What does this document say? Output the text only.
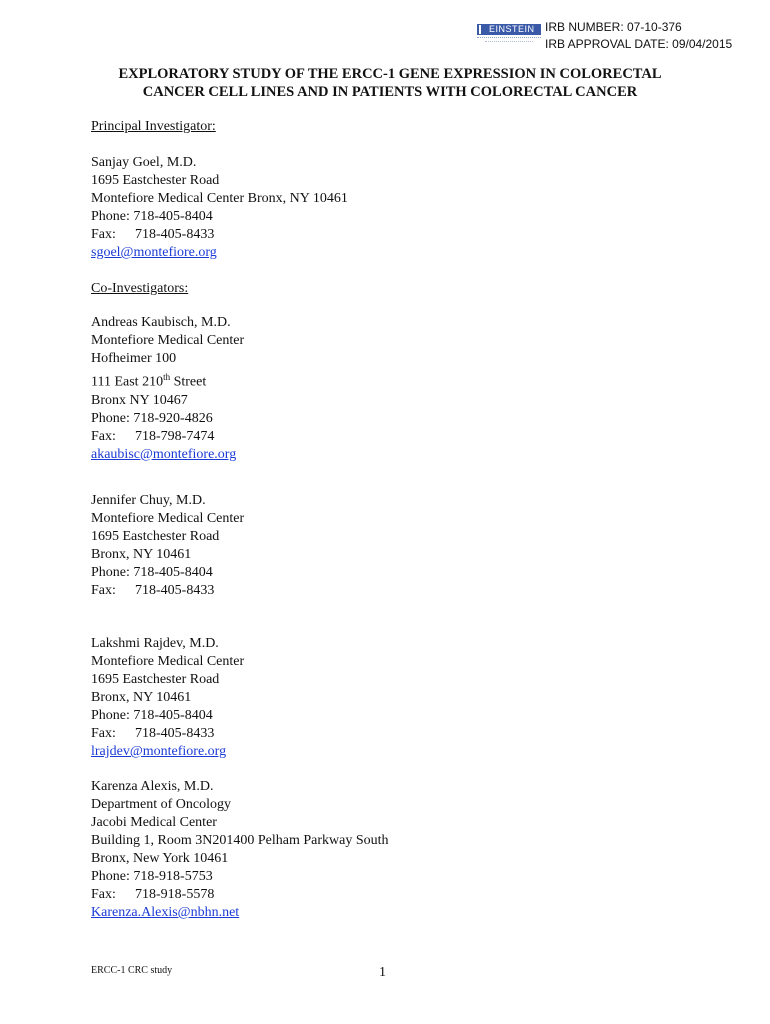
EINSTEIN IRB NUMBER: 07-10-376
IRB APPROVAL DATE: 09/04/2015
EXPLORATORY STUDY OF THE ERCC-1 GENE EXPRESSION IN COLORECTAL
CANCER CELL LINES AND IN PATIENTS WITH COLORECTAL CANCER
Principal Investigator:
Sanjay Goel, M.D.
1695 Eastchester Road
Montefiore Medical Center Bronx, NY 10461
Phone: 718-405-8404
Fax: 718-405-8433
sgoel@montefiore.org
Co-Investigators:
Andreas Kaubisch, M.D.
Montefiore Medical Center
Hofheimer 100
111 East 210th Street
Bronx NY 10467
Phone: 718-920-4826
Fax: 718-798-7474
akaubisc@montefiore.org
Jennifer Chuy, M.D.
Montefiore Medical Center
1695 Eastchester Road
Bronx, NY 10461
Phone: 718-405-8404
Fax: 718-405-8433
Lakshmi Rajdev, M.D.
Montefiore Medical Center
1695 Eastchester Road
Bronx, NY 10461
Phone: 718-405-8404
Fax: 718-405-8433
lrajdev@montefiore.org
Karenza Alexis, M.D.
Department of Oncology
Jacobi Medical Center
Building 1, Room 3N201400 Pelham Parkway South
Bronx, New York 10461
Phone: 718-918-5753
Fax: 718-918-5578
Karenza.Alexis@nbhn.net
ERCC-1 CRC study	1
